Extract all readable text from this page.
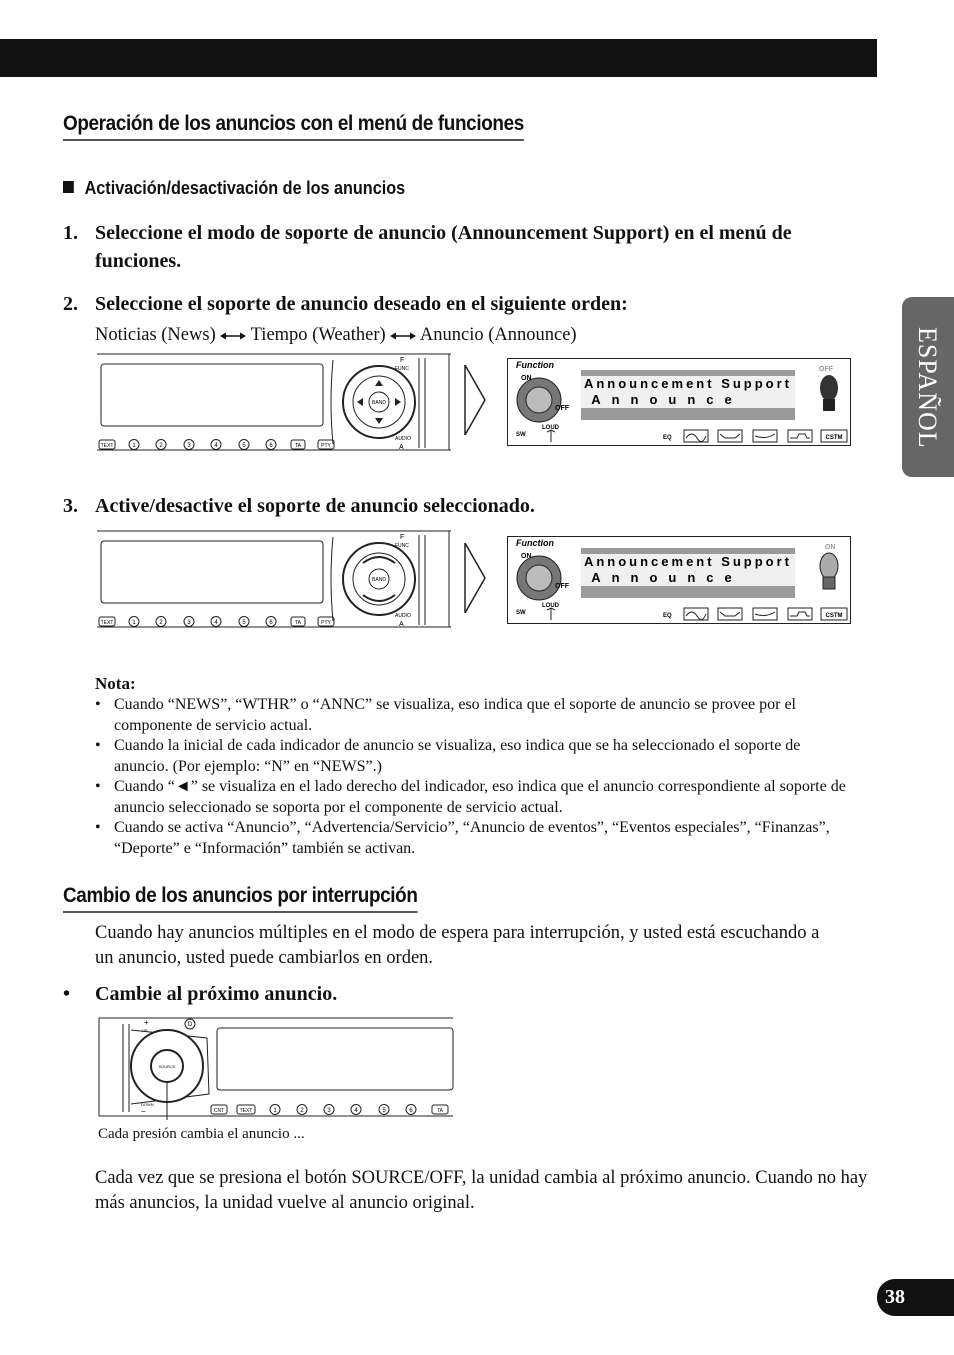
ESPAÑOL
Operación de los anuncios con el menú de funciones
Activación/desactivación de los anuncios
1. Seleccione el modo de soporte de anuncio (Announcement Support) en el menú de funciones.
2. Seleccione el soporte de anuncio deseado en el siguiente orden:
Noticias (News) Tiempo (Weather) Anuncio (Announce)
BAND
F
FUNC
AUDIO
A
TEXT	1	2	3	4	5	6	TA	PTY
Function
Announcement Support
Announce
ON
OFF
OFF
SW
LOUD
EQ	CSTM
3. Active/desactive el soporte de anuncio seleccionado.
BAND
F
FUNC
AUDIO
A
TEXT	1	2	3	4	5	6	TA	PTY
Function
Announcement Support
Announce
ON
OFF
ON
SW
LOUD
EQ	CSTM
Nota:
• Cuando “NEWS”, “WTHR” o “ANNC” se visualiza, eso indica que el soporte de anuncio se provee por el componente de servicio actual.
• Cuando la inicial de cada indicador de anuncio se visualiza, eso indica que se ha seleccionado el soporte de anuncio. (Por ejemplo: “N” en “NEWS”.)
• Cuando “◄” se visualiza en el lado derecho del indicador, eso indica que el anuncio correspondiente al soporte de anuncio seleccionado se soporta por el componente de servicio actual.
• Cuando se activa “Anuncio”, “Advertencia/Servicio”, “Anuncio de eventos”, “Eventos especiales”, “Finanzas”, “Deporte” e “Información” también se activan.
Cambio de los anuncios por interrupción
Cuando hay anuncios múltiples en el modo de espera para interrupción, y usted está escuchando a un anuncio, usted puede cambiarlos en orden.
• Cambie al próximo anuncio.
+
UP
D
SOURCE
DOWN
−	CNT	TEXT	1	2	3	4	5	6	TA
Cada presión cambia el anuncio ...
Cada vez que se presiona el botón SOURCE/OFF, la unidad cambia al próximo anuncio. Cuando no hay más anuncios, la unidad vuelve al anuncio original.
38
